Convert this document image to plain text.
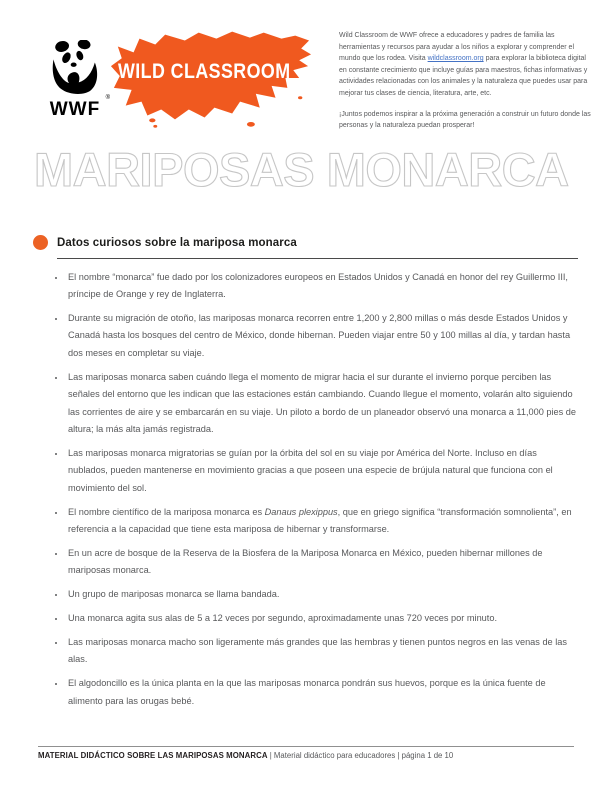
®
WWF
WILD CLASSROOM

Wild Classroom de WWF ofrece a educadores y padres de familia las herramientas y recursos para ayudar a los niños a explorar y comprender el mundo que los rodea. Visita wildclassroom.org para explorar la biblioteca digital en constante crecimiento que incluye guías para maestros, fichas informativas y actividades relacionadas con los animales y la naturaleza que puedes usar para mejorar tus clases de ciencia, literatura, arte, etc.

¡Juntos podemos inspirar a la próxima generación a construir un futuro donde las personas y la naturaleza puedan prosperar!

MARIPOSAS MONARCA
Datos curiosos sobre la mariposa monarca
• El nombre “monarca” fue dado por los colonizadores europeos en Estados Unidos y Canadá en honor del rey Guillermo III, príncipe de Orange y rey de Inglaterra.
• Durante su migración de otoño, las mariposas monarca recorren entre 1,200 y 2,800 millas o más desde Estados Unidos y Canadá hasta los bosques del centro de México, donde hibernan. Pueden viajar entre 50 y 100 millas al día, y tardan hasta dos meses en completar su viaje.
• Las mariposas monarca saben cuándo llega el momento de migrar hacia el sur durante el invierno porque perciben las señales del entorno que les indican que las estaciones están cambiando. Cuando llegue el momento, volarán alto siguiendo las corrientes de aire y se embarcarán en su viaje. Un piloto a bordo de un planeador observó una monarca a 11,000 pies de altura; la más alta jamás registrada.
• Las mariposas monarca migratorias se guían por la órbita del sol en su viaje por América del Norte. Incluso en días nublados, pueden mantenerse en movimiento gracias a que poseen una especie de brújula natural que funciona con el movimiento del sol.
• El nombre científico de la mariposa monarca es Danaus plexippus, que en griego significa “transformación somnolienta”, en referencia a la capacidad que tiene esta mariposa de hibernar y transformarse.
• En un acre de bosque de la Reserva de la Biosfera de la Mariposa Monarca en México, pueden hibernar millones de mariposas monarca.
• Un grupo de mariposas monarca se llama bandada.
• Una monarca agita sus alas de 5 a 12 veces por segundo, aproximadamente unas 720 veces por minuto.
• Las mariposas monarca macho son ligeramente más grandes que las hembras y tienen puntos negros en las venas de las alas.
• El algodoncillo es la única planta en la que las mariposas monarca pondrán sus huevos, porque es la única fuente de alimento para las orugas bebé.
MATERIAL DIDÁCTICO SOBRE LAS MARIPOSAS MONARCA | Material didáctico para educadores | página 1 de 10
